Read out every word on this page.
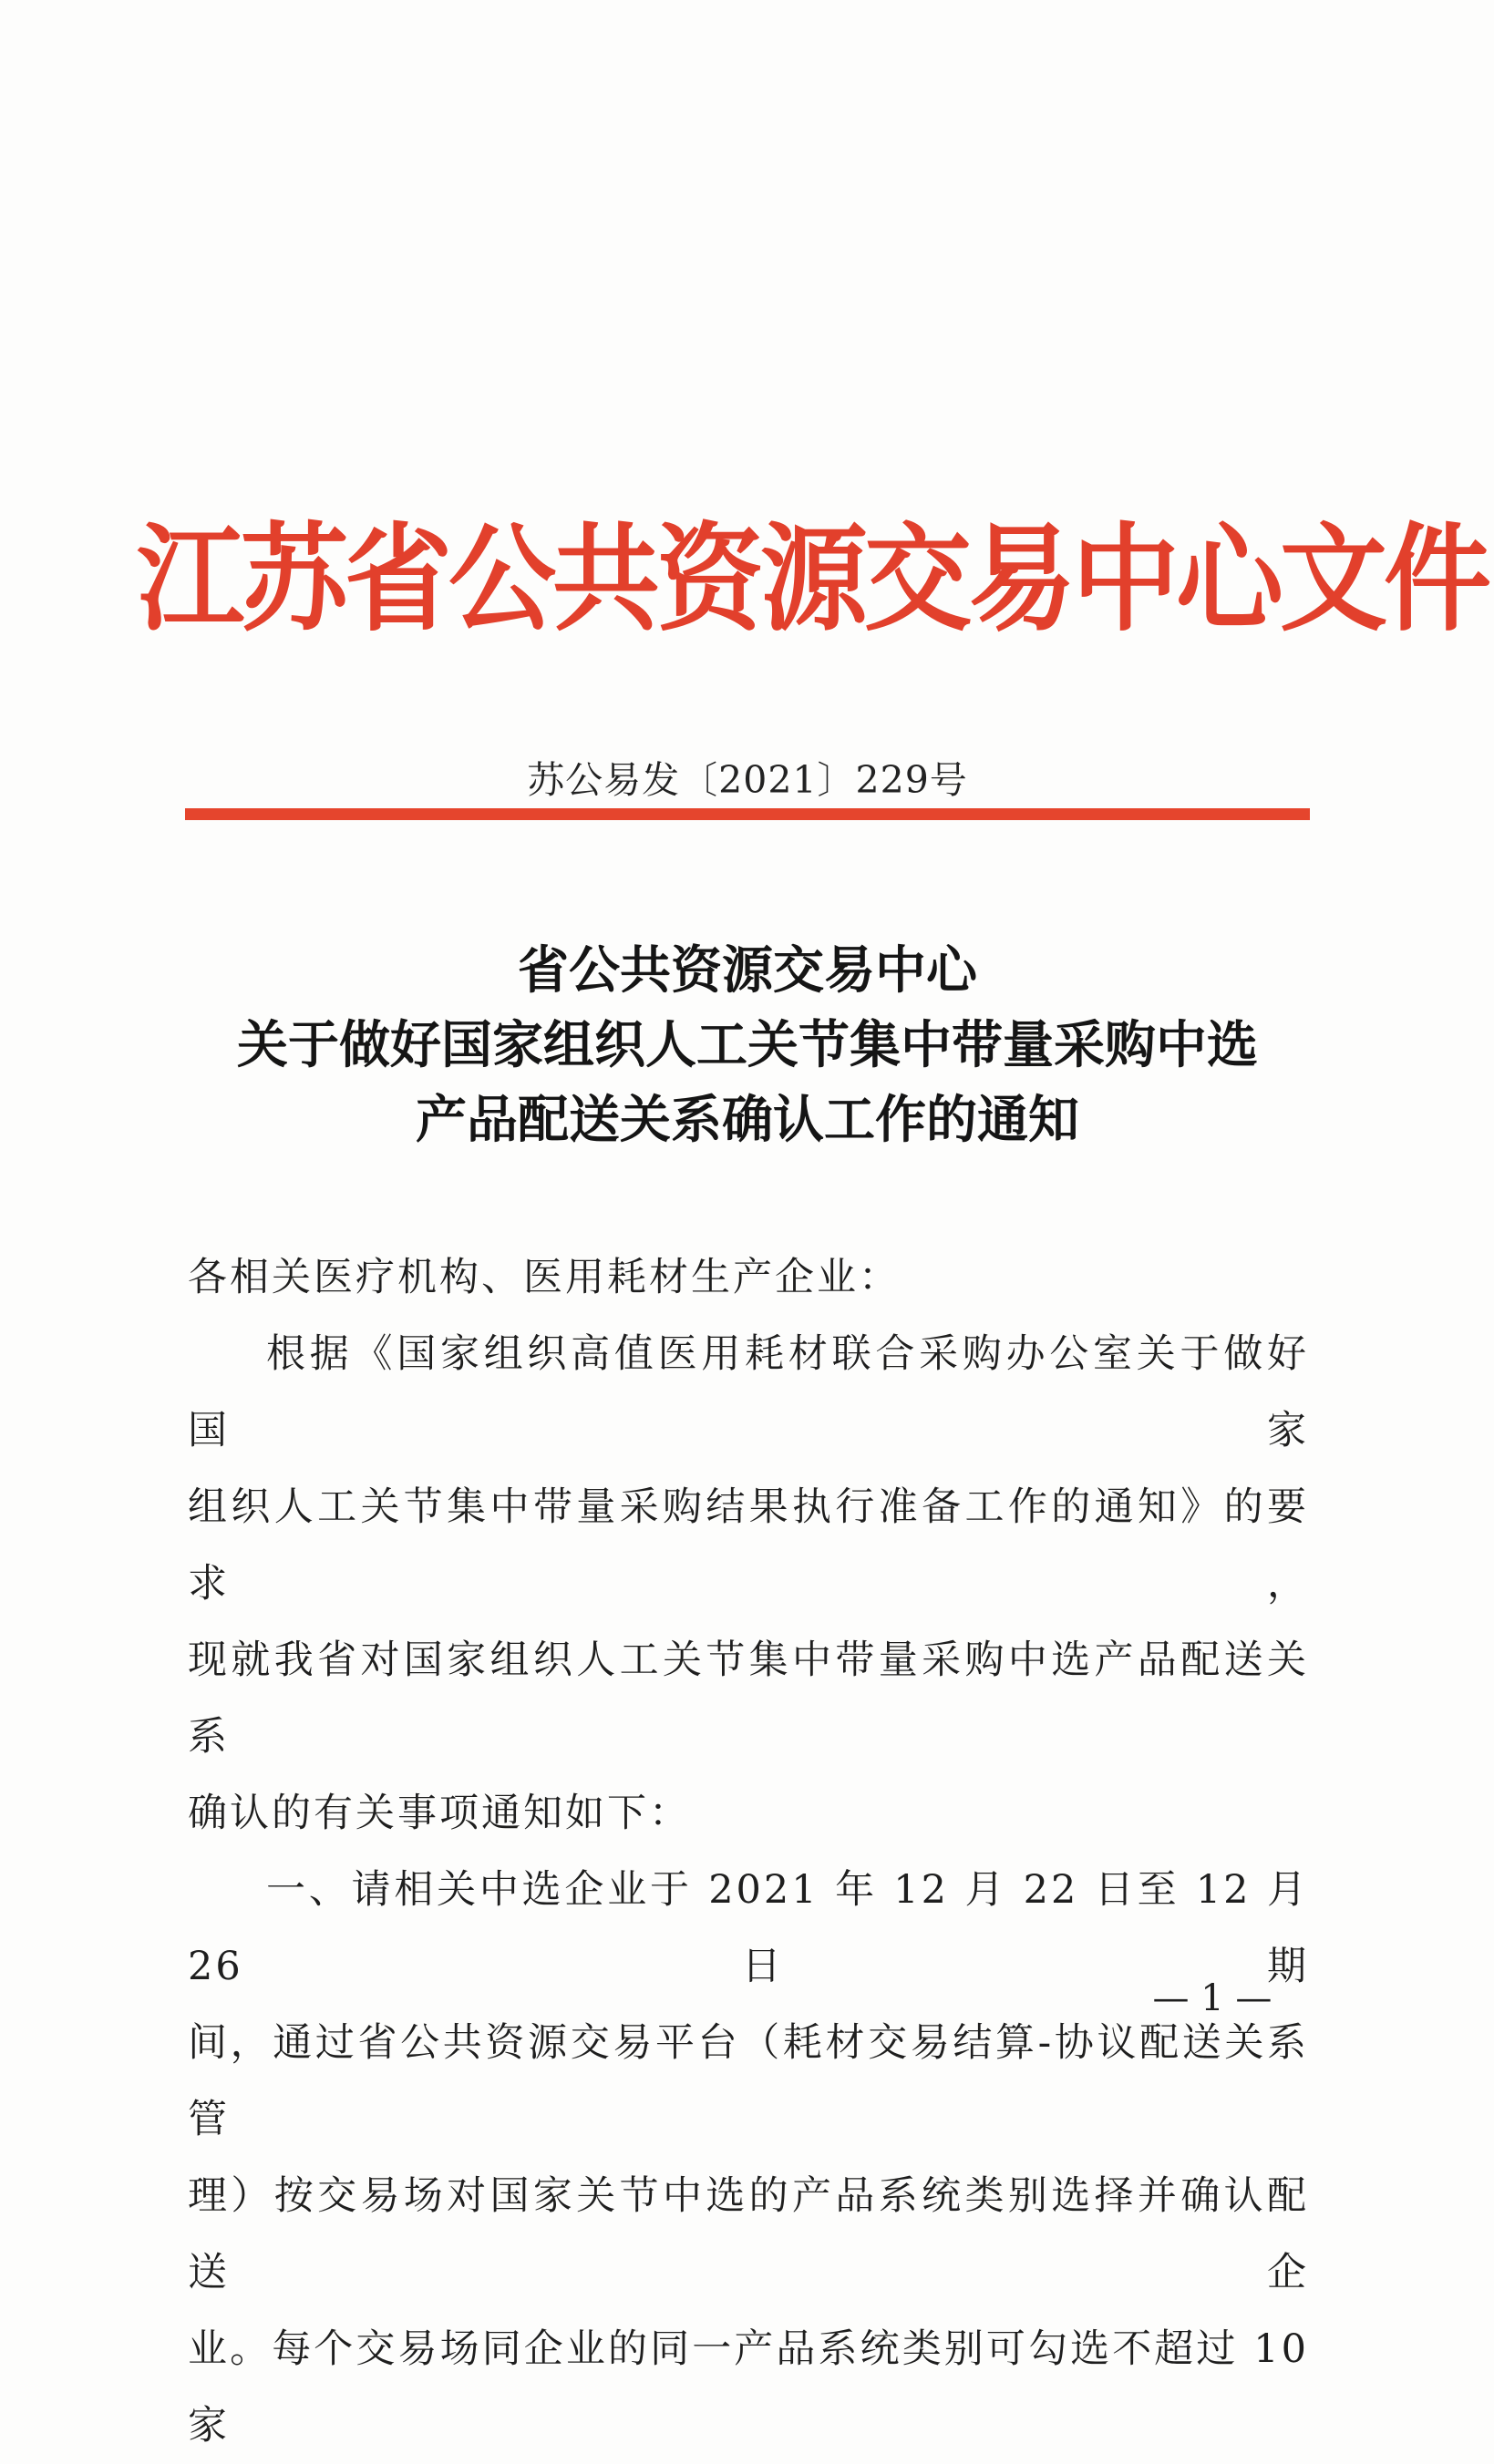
江苏省公共资源交易中心文件
苏公易发〔2021〕229号
省公共资源交易中心
关于做好国家组织人工关节集中带量采购中选
产品配送关系确认工作的通知

各相关医疗机构、医用耗材生产企业：

根据《国家组织高值医用耗材联合采购办公室关于做好国家

组织人工关节集中带量采购结果执行准备工作的通知》的要求，

现就我省对国家组织人工关节集中带量采购中选产品配送关系

确认的有关事项通知如下：

一、请相关中选企业于 2021 年 12 月 22 日至 12 月 26 日期

间，通过省公共资源交易平台（耗材交易结算-协议配送关系管

理）按交易场对国家关节中选的产品系统类别选择并确认配送企

业。每个交易场同企业的同一产品系统类别可勾选不超过 10 家

— 1 —
